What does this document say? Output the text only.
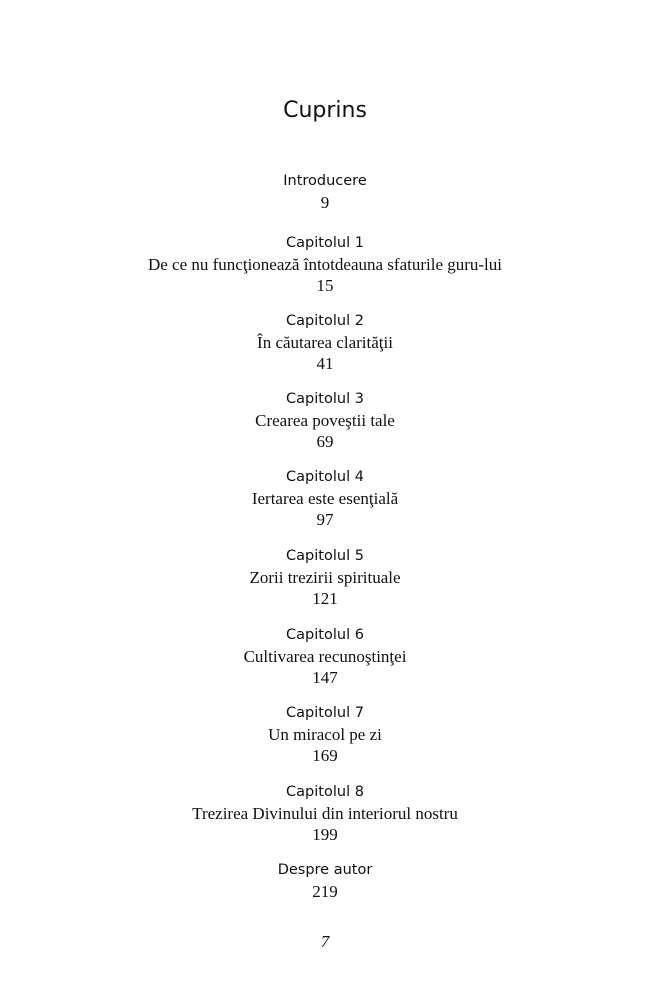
Cuprins
Introducere
9
Capitolul 1
De ce nu funcţionează întotdeauna sfaturile guru-lui
15
Capitolul 2
În căutarea clarităţii
41
Capitolul 3
Crearea poveştii tale
69
Capitolul 4
Iertarea este esenţială
97
Capitolul 5
Zorii trezirii spirituale
121
Capitolul 6
Cultivarea recunoştinţei
147
Capitolul 7
Un miracol pe zi
169
Capitolul 8
Trezirea Divinului din interiorul nostru
199
Despre autor
219
7
